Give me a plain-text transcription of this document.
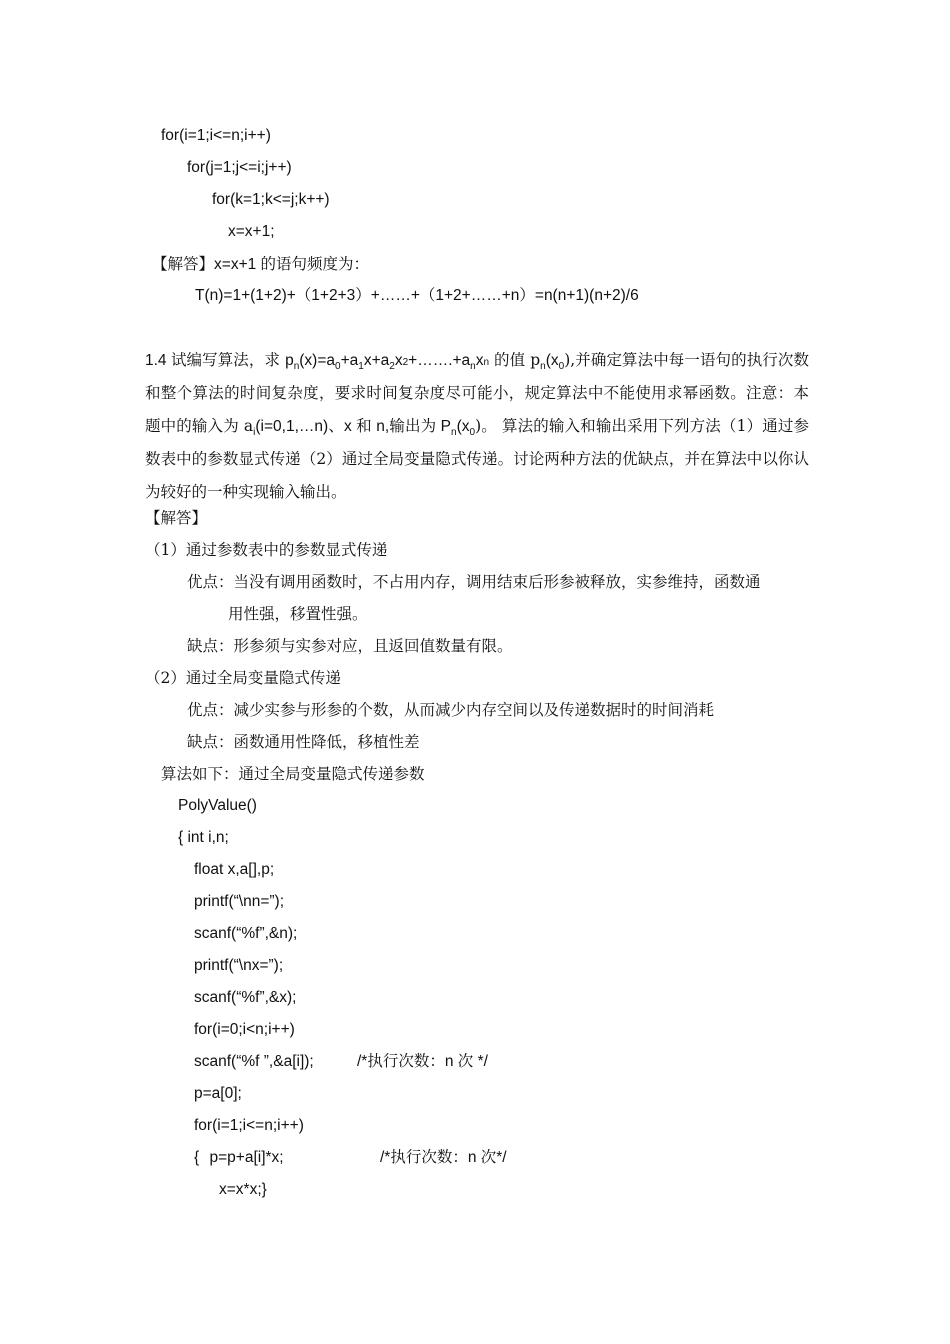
for(i=1;i<=n;i++)
for(j=1;j<=i;j++)
for(k=1;k<=j;k++)
x=x+1;
【解答】x=x+1 的语句频度为：
T(n)=1+(1+2)+（1+2+3）+……+（1+2+……+n）=n(n+1)(n+2)/6
1.4 试编写算法，求 $p_n(x)=a_0+a_1x+a_2x2+\dots\dots.+a_nxn$ 的值 $p_n(x_0)$,并确定算法中每一语句的执行次数和整个算法的时间复杂度，要求时间复杂度尽可能小，规定算法中不能使用求幂函数。注意：本题中的输入为 $a_i(i=0,1,\dots n)$、x 和 n,输出为 $P_n(x_0)$。 算法的输入和输出采用下列方法（1）通过参数表中的参数显式传递（2）通过全局变量隐式传递。讨论两种方法的优缺点，并在算法中以你认为较好的一种实现输入输出。
【解答】
（1）通过参数表中的参数显式传递
优点：当没有调用函数时，不占用内存，调用结束后形参被释放，实参维持，函数通
用性强，移置性强。
缺点：形参须与实参对应，且返回值数量有限。
（2）通过全局变量隐式传递
优点：减少实参与形参的个数，从而减少内存空间以及传递数据时的时间消耗
缺点：函数通用性降低，移植性差
算法如下：通过全局变量隐式传递参数
PolyValue()
{ int i,n;
float x,a[],p;
printf(“\nn=”);
scanf(“%f”,&n);
printf(“\nx=”);
scanf(“%f”,&x);
for(i=0;i<n;i++)
scanf(“%f ”,&a[i]);	/*执行次数：n 次 */
p=a[0];
for(i=1;i<=n;i++)
{ p=p+a[i]*x;	/*执行次数：n 次*/
x=x*x;}
